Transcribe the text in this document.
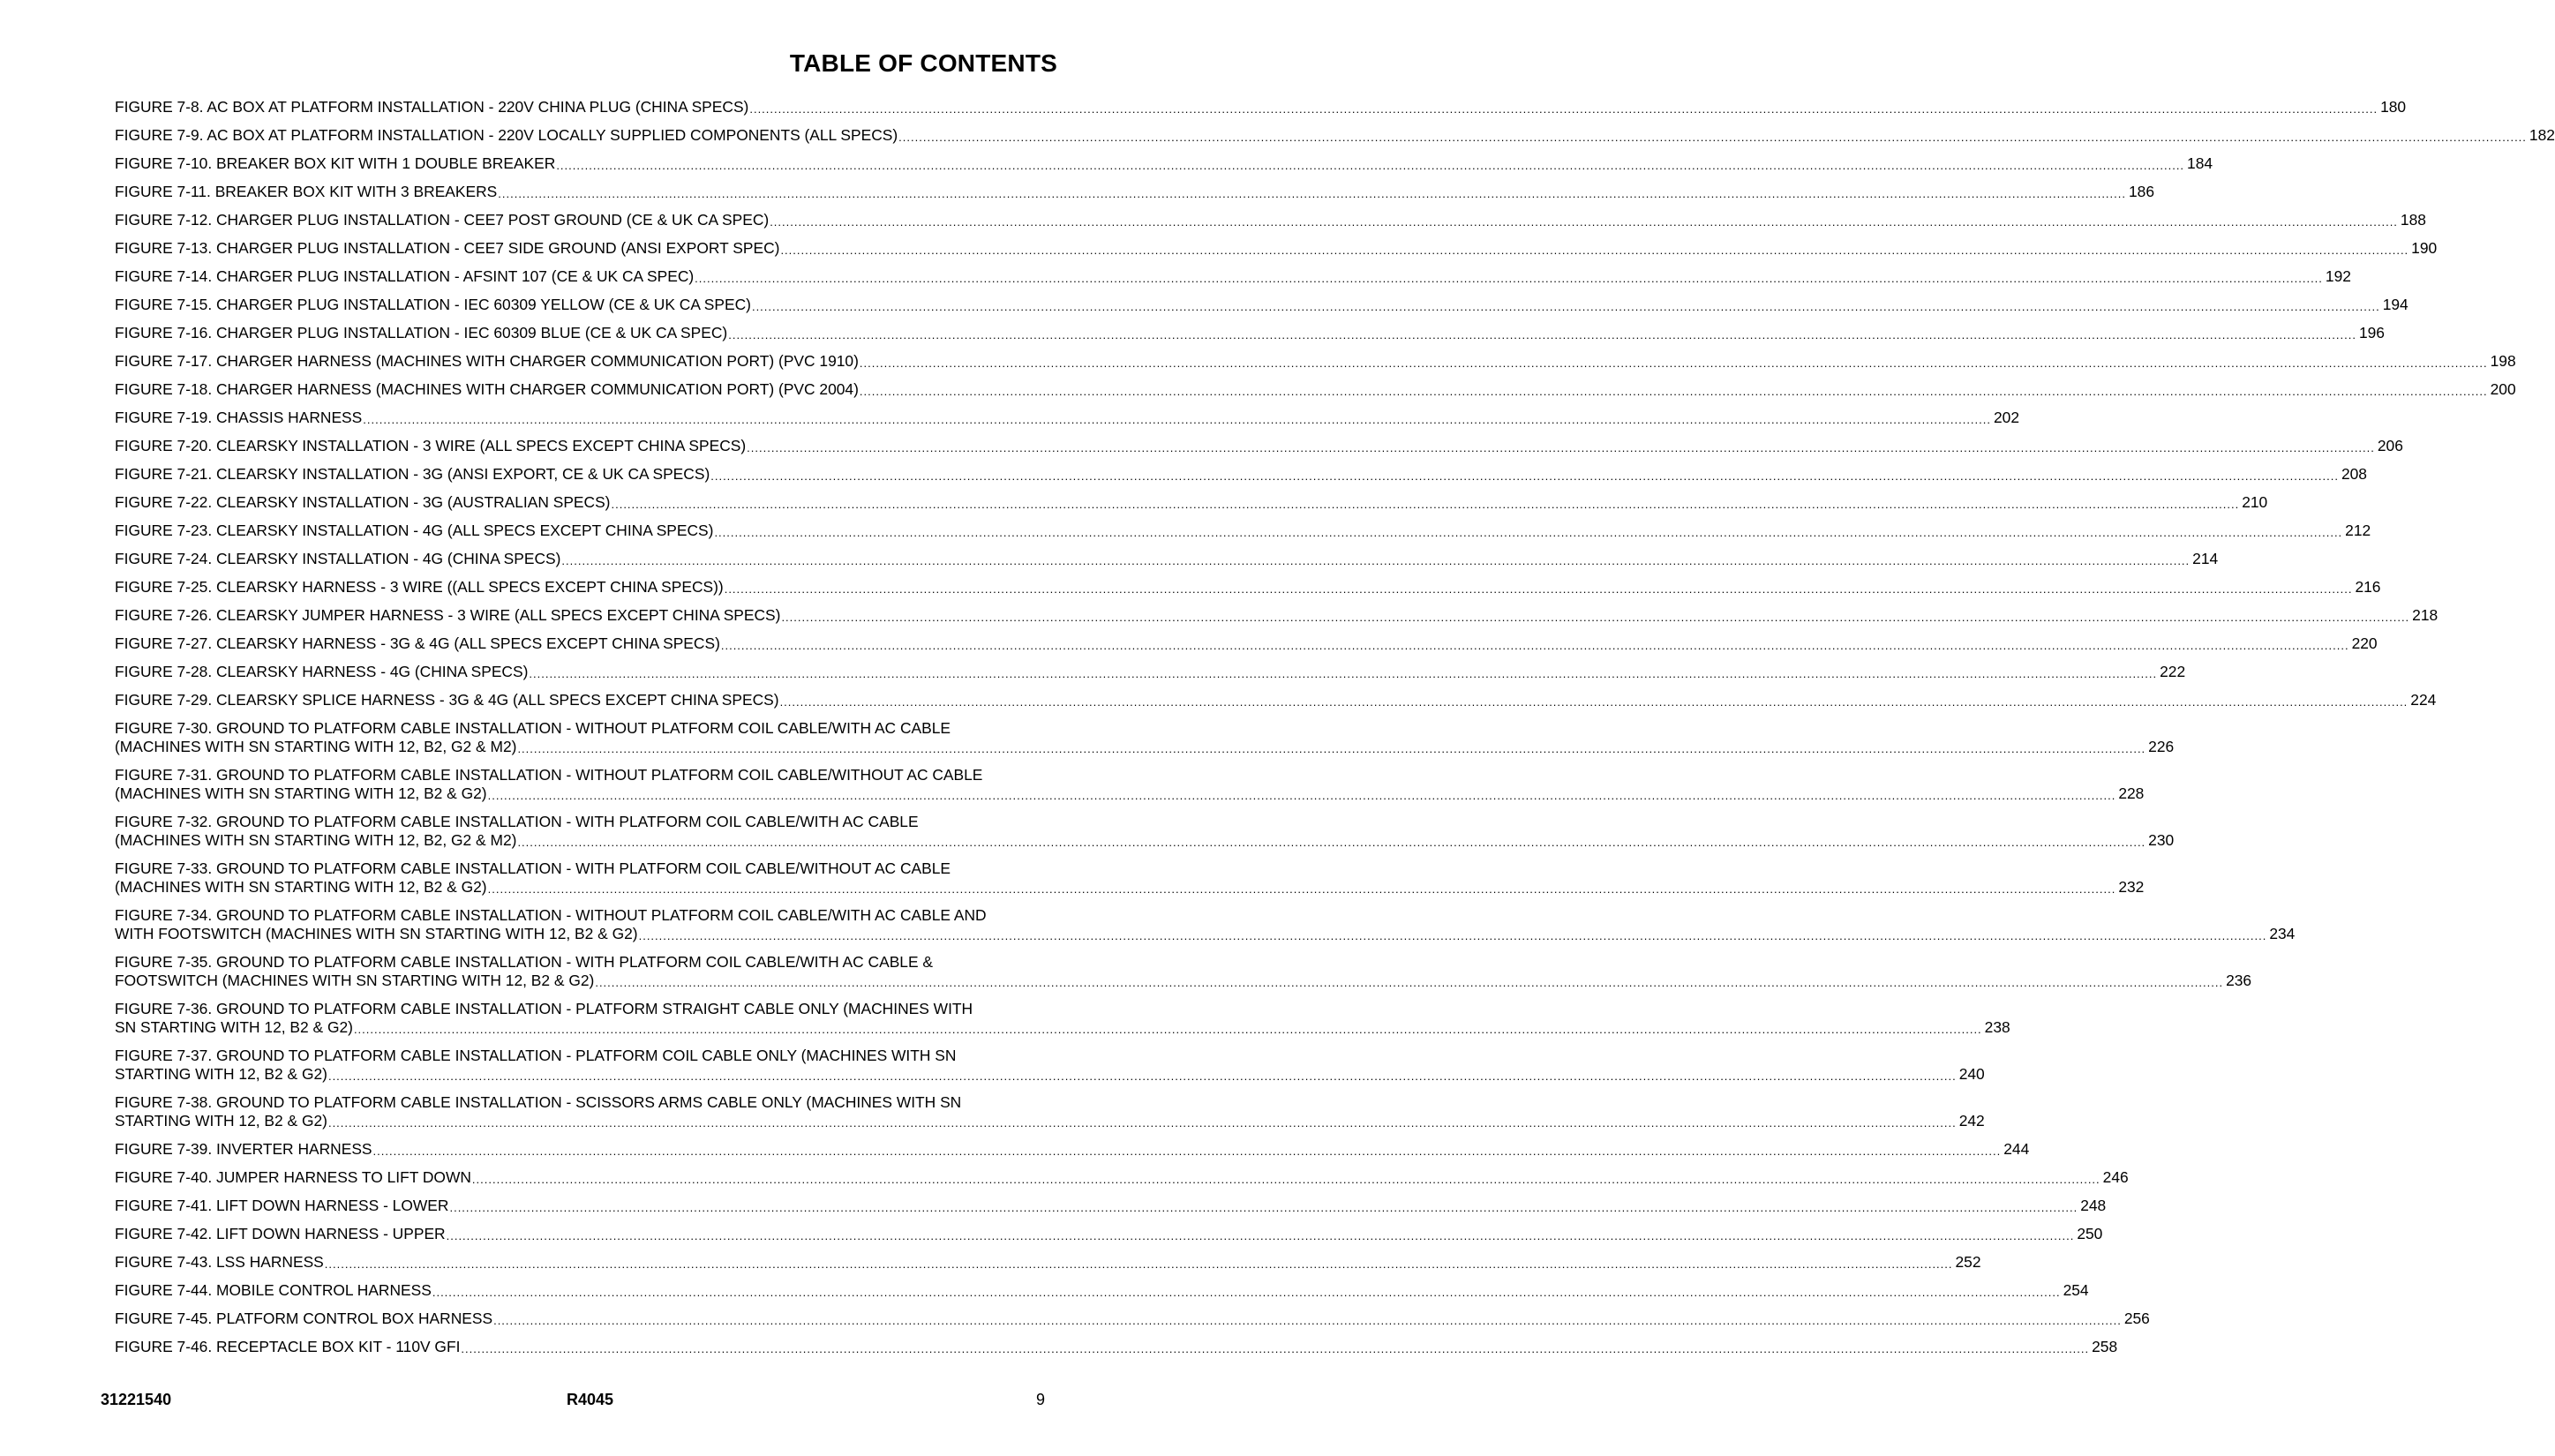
TABLE OF CONTENTS
FIGURE 7-8. AC BOX AT PLATFORM INSTALLATION - 220V CHINA PLUG (CHINA SPECS) ................................................................................................................................................................................................................................................................................................................................................................................................................ 180
FIGURE 7-9. AC BOX AT PLATFORM INSTALLATION - 220V LOCALLY SUPPLIED COMPONENTS (ALL SPECS) ................................................................................................................................................................................................................................................................................................................................................................................................................ 182
FIGURE 7-10. BREAKER BOX KIT WITH 1 DOUBLE BREAKER ................................................................................................................................................................................................................................................................................................................................................................................................................ 184
FIGURE 7-11. BREAKER BOX KIT WITH 3 BREAKERS ................................................................................................................................................................................................................................................................................................................................................................................................................ 186
FIGURE 7-12. CHARGER PLUG INSTALLATION - CEE7 POST GROUND (CE & UK CA SPEC) ................................................................................................................................................................................................................................................................................................................................................................................................................ 188
FIGURE 7-13. CHARGER PLUG INSTALLATION - CEE7 SIDE GROUND (ANSI EXPORT SPEC) ................................................................................................................................................................................................................................................................................................................................................................................................................ 190
FIGURE 7-14. CHARGER PLUG INSTALLATION - AFSINT 107 (CE & UK CA SPEC) ................................................................................................................................................................................................................................................................................................................................................................................................................ 192
FIGURE 7-15. CHARGER PLUG INSTALLATION - IEC 60309 YELLOW (CE & UK CA SPEC) ................................................................................................................................................................................................................................................................................................................................................................................................................ 194
FIGURE 7-16. CHARGER PLUG INSTALLATION - IEC 60309 BLUE (CE & UK CA SPEC) ................................................................................................................................................................................................................................................................................................................................................................................................................ 196
FIGURE 7-17. CHARGER HARNESS (MACHINES WITH CHARGER COMMUNICATION PORT) (PVC 1910) ................................................................................................................................................................................................................................................................................................................................................................................................................ 198
FIGURE 7-18. CHARGER HARNESS (MACHINES WITH CHARGER COMMUNICATION PORT) (PVC 2004) ................................................................................................................................................................................................................................................................................................................................................................................................................ 200
FIGURE 7-19. CHASSIS HARNESS ................................................................................................................................................................................................................................................................................................................................................................................................................ 202
FIGURE 7-20. CLEARSKY INSTALLATION - 3 WIRE (ALL SPECS EXCEPT CHINA SPECS) ................................................................................................................................................................................................................................................................................................................................................................................................................ 206
FIGURE 7-21. CLEARSKY INSTALLATION - 3G (ANSI EXPORT, CE & UK CA SPECS) ................................................................................................................................................................................................................................................................................................................................................................................................................ 208
FIGURE 7-22. CLEARSKY INSTALLATION - 3G (AUSTRALIAN SPECS) ................................................................................................................................................................................................................................................................................................................................................................................................................ 210
FIGURE 7-23. CLEARSKY INSTALLATION - 4G (ALL SPECS EXCEPT CHINA SPECS) ................................................................................................................................................................................................................................................................................................................................................................................................................ 212
FIGURE 7-24. CLEARSKY INSTALLATION - 4G (CHINA SPECS) ................................................................................................................................................................................................................................................................................................................................................................................................................ 214
FIGURE 7-25. CLEARSKY HARNESS - 3 WIRE ((ALL SPECS EXCEPT CHINA SPECS)) ................................................................................................................................................................................................................................................................................................................................................................................................................ 216
FIGURE 7-26. CLEARSKY JUMPER HARNESS - 3 WIRE (ALL SPECS EXCEPT CHINA SPECS) ................................................................................................................................................................................................................................................................................................................................................................................................................ 218
FIGURE 7-27. CLEARSKY HARNESS - 3G & 4G (ALL SPECS EXCEPT CHINA SPECS) ................................................................................................................................................................................................................................................................................................................................................................................................................ 220
FIGURE 7-28. CLEARSKY HARNESS - 4G (CHINA SPECS) ................................................................................................................................................................................................................................................................................................................................................................................................................ 222
FIGURE 7-29. CLEARSKY SPLICE HARNESS - 3G & 4G (ALL SPECS EXCEPT CHINA SPECS) ................................................................................................................................................................................................................................................................................................................................................................................................................ 224
FIGURE 7-30. GROUND TO PLATFORM CABLE INSTALLATION - WITHOUT PLATFORM COIL CABLE/WITH AC CABLE
(MACHINES WITH SN STARTING WITH 12, B2, G2 & M2) ................................................................................................................................................................................................................................................................................................................................................................................................................ 226
FIGURE 7-31. GROUND TO PLATFORM CABLE INSTALLATION - WITHOUT PLATFORM COIL CABLE/WITHOUT AC CABLE
(MACHINES WITH SN STARTING WITH 12, B2 & G2) ................................................................................................................................................................................................................................................................................................................................................................................................................ 228
FIGURE 7-32. GROUND TO PLATFORM CABLE INSTALLATION - WITH PLATFORM COIL CABLE/WITH AC CABLE
(MACHINES WITH SN STARTING WITH 12, B2, G2 & M2) ................................................................................................................................................................................................................................................................................................................................................................................................................ 230
FIGURE 7-33. GROUND TO PLATFORM CABLE INSTALLATION - WITH PLATFORM COIL CABLE/WITHOUT AC CABLE
(MACHINES WITH SN STARTING WITH 12, B2 & G2) ................................................................................................................................................................................................................................................................................................................................................................................................................ 232
FIGURE 7-34. GROUND TO PLATFORM CABLE INSTALLATION - WITHOUT PLATFORM COIL CABLE/WITH AC CABLE AND
WITH FOOTSWITCH (MACHINES WITH SN STARTING WITH 12, B2 & G2) ................................................................................................................................................................................................................................................................................................................................................................................................................ 234
FIGURE 7-35. GROUND TO PLATFORM CABLE INSTALLATION - WITH PLATFORM COIL CABLE/WITH AC CABLE &
FOOTSWITCH (MACHINES WITH SN STARTING WITH 12, B2 & G2) ................................................................................................................................................................................................................................................................................................................................................................................................................ 236
FIGURE 7-36. GROUND TO PLATFORM CABLE INSTALLATION - PLATFORM STRAIGHT CABLE ONLY (MACHINES WITH
SN STARTING WITH 12, B2 & G2) ................................................................................................................................................................................................................................................................................................................................................................................................................ 238
FIGURE 7-37. GROUND TO PLATFORM CABLE INSTALLATION - PLATFORM COIL CABLE ONLY (MACHINES WITH SN
STARTING WITH 12, B2 & G2) ................................................................................................................................................................................................................................................................................................................................................................................................................ 240
FIGURE 7-38. GROUND TO PLATFORM CABLE INSTALLATION - SCISSORS ARMS CABLE ONLY (MACHINES WITH SN
STARTING WITH 12, B2 & G2) ................................................................................................................................................................................................................................................................................................................................................................................................................ 242
FIGURE 7-39. INVERTER HARNESS ................................................................................................................................................................................................................................................................................................................................................................................................................ 244
FIGURE 7-40. JUMPER HARNESS TO LIFT DOWN ................................................................................................................................................................................................................................................................................................................................................................................................................ 246
FIGURE 7-41. LIFT DOWN HARNESS - LOWER ................................................................................................................................................................................................................................................................................................................................................................................................................ 248
FIGURE 7-42. LIFT DOWN HARNESS - UPPER ................................................................................................................................................................................................................................................................................................................................................................................................................ 250
FIGURE 7-43. LSS HARNESS ................................................................................................................................................................................................................................................................................................................................................................................................................ 252
FIGURE 7-44. MOBILE CONTROL HARNESS ................................................................................................................................................................................................................................................................................................................................................................................................................ 254
FIGURE 7-45. PLATFORM CONTROL BOX HARNESS ................................................................................................................................................................................................................................................................................................................................................................................................................ 256
FIGURE 7-46. RECEPTACLE BOX KIT - 110V GFI ................................................................................................................................................................................................................................................................................................................................................................................................................ 258
31221540	R4045	9
